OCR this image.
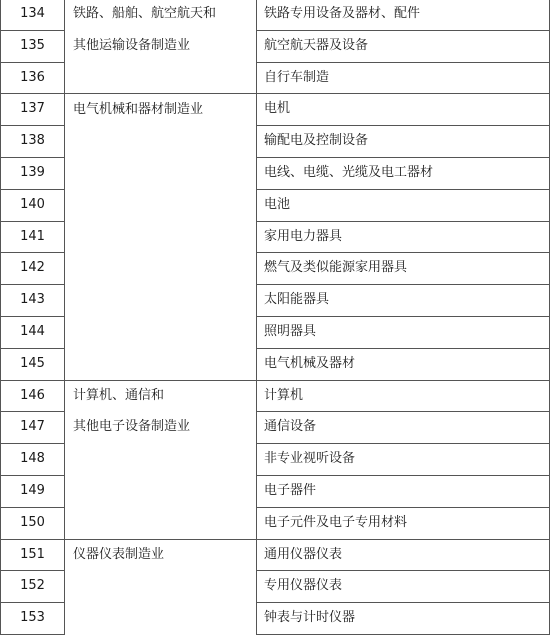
134	铁路、船舶、航空航天和	铁路专用设备及器材、配件
135	其他运输设备制造业	航空航天器及设备
136		自行车制造
137	电气机械和器材制造业	电机
138		输配电及控制设备
139		电线、电缆、光缆及电工器材
140		电池
141		家用电力器具
142		燃气及类似能源家用器具
143		太阳能器具
144		照明器具
145		电气机械及器材
146	计算机、通信和	计算机
147	其他电子设备制造业	通信设备
148		非专业视听设备
149		电子器件
150		电子元件及电子专用材料
151	仪器仪表制造业	通用仪器仪表
152		专用仪器仪表
153		钟表与计时仪器
